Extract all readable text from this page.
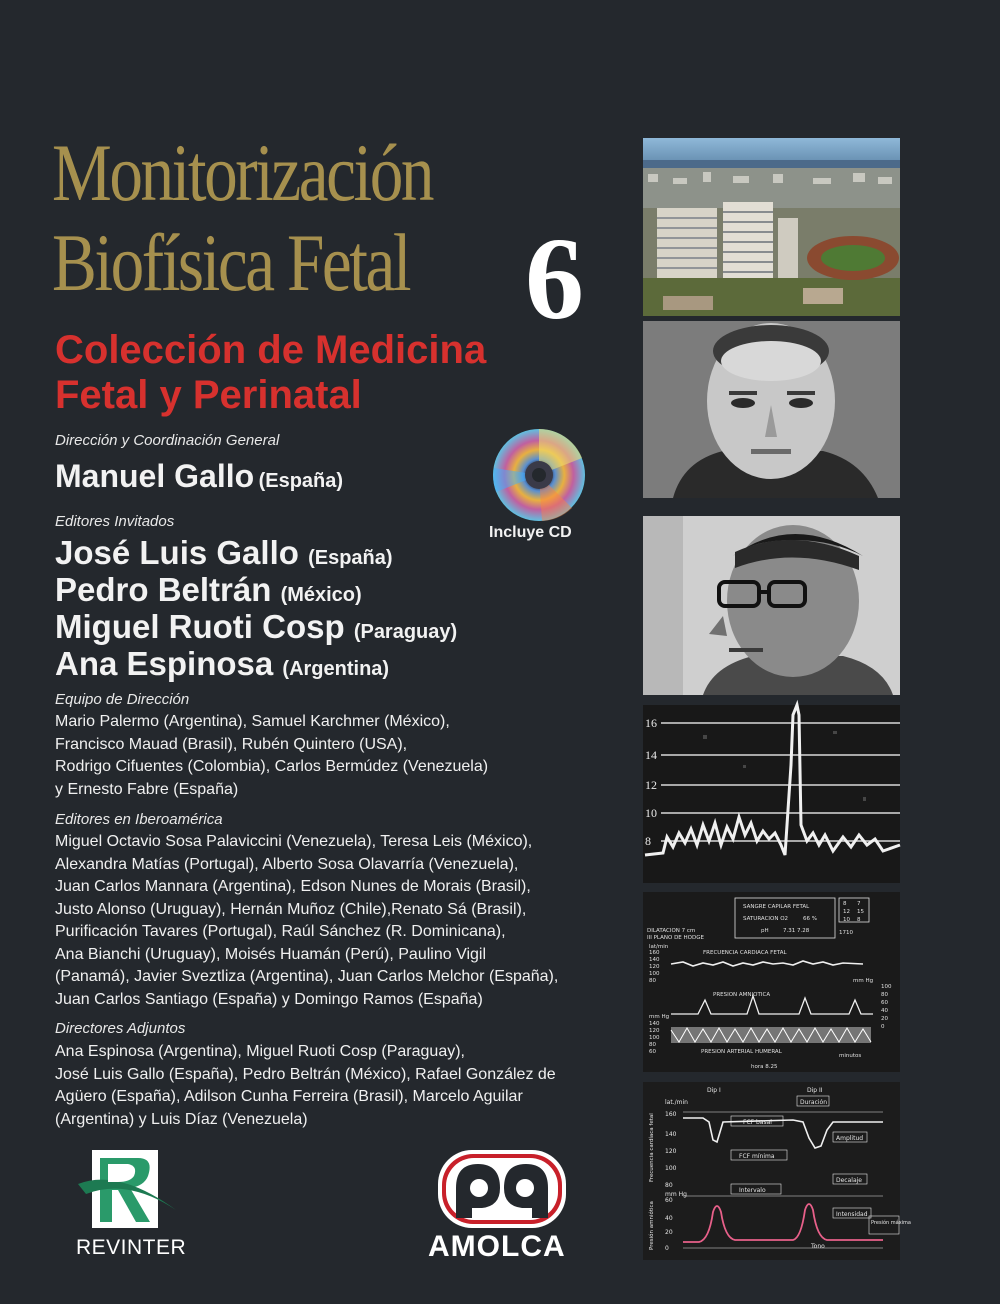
Monitorización
Biofísica Fetal 6
Colección de Medicina
Fetal y Perinatal
Dirección y Coordinación General
Manuel Gallo (España)
Incluye CD
Editores Invitados
José Luis Gallo (España)
Pedro Beltrán (México)
Miguel Ruoti Cosp (Paraguay)
Ana Espinosa (Argentina)
Equipo de Dirección
Mario Palermo (Argentina), Samuel Karchmer (México),
Francisco Mauad (Brasil), Rubén Quintero (USA),
Rodrigo Cifuentes (Colombia), Carlos Bermúdez (Venezuela)
y Ernesto Fabre (España)
Editores en Iberoamérica
Miguel Octavio Sosa Palaviccini (Venezuela), Teresa Leis (México),
Alexandra Matías (Portugal), Alberto Sosa Olavarría (Venezuela),
Juan Carlos Mannara (Argentina), Edson Nunes de Morais (Brasil),
Justo Alonso (Uruguay), Hernán Muñoz (Chile),Renato Sá (Brasil),
Purificación Tavares (Portugal), Raúl Sánchez (R. Dominicana),
Ana Bianchi (Uruguay), Moisés Huamán (Perú), Paulino Vigil
(Panamá), Javier Sveztliza (Argentina), Juan Carlos Melchor (España),
Juan Carlos Santiago (España) y Domingo Ramos (España)
Directores Adjuntos
Ana Espinosa (Argentina), Miguel Ruoti Cosp (Paraguay),
José Luis Gallo (España), Pedro Beltrán (México), Rafael González de
Agüero (España), Adilson Cunha Ferreira (Brasil), Marcelo Aguilar
(Argentina) y Luis Díaz (Venezuela)
REVINTER	AMOLCA
16
14
12
10
8
SANGRE CAPILAR FETAL
SATURACION O2	66 %
pH	7.31 7.28
8 7
12 15
10 8
DILATACION 7 cm
III PLANO DE HODGE
1710
lat/min
160
140
120
100
80
FRECUENCIA CARDIACA FETAL
mm Hg
100
80
60
40
20
0
PRESION AMNIOTICA
mm Hg
140
120
100
80
60	PRESION ARTERIAL HUMERAL
minutos
hora 8.25
Dip I	Dip II
lat./min
160
140
120
100
80
mm Hg
60
40
20
0
Duración
FCF basal
Amplitud
FCF mínima
Decalaje
Intervalo
Intensidad
Presión máxima
Tono
Frecuencia cardíaca fetal
Presión amniótica
